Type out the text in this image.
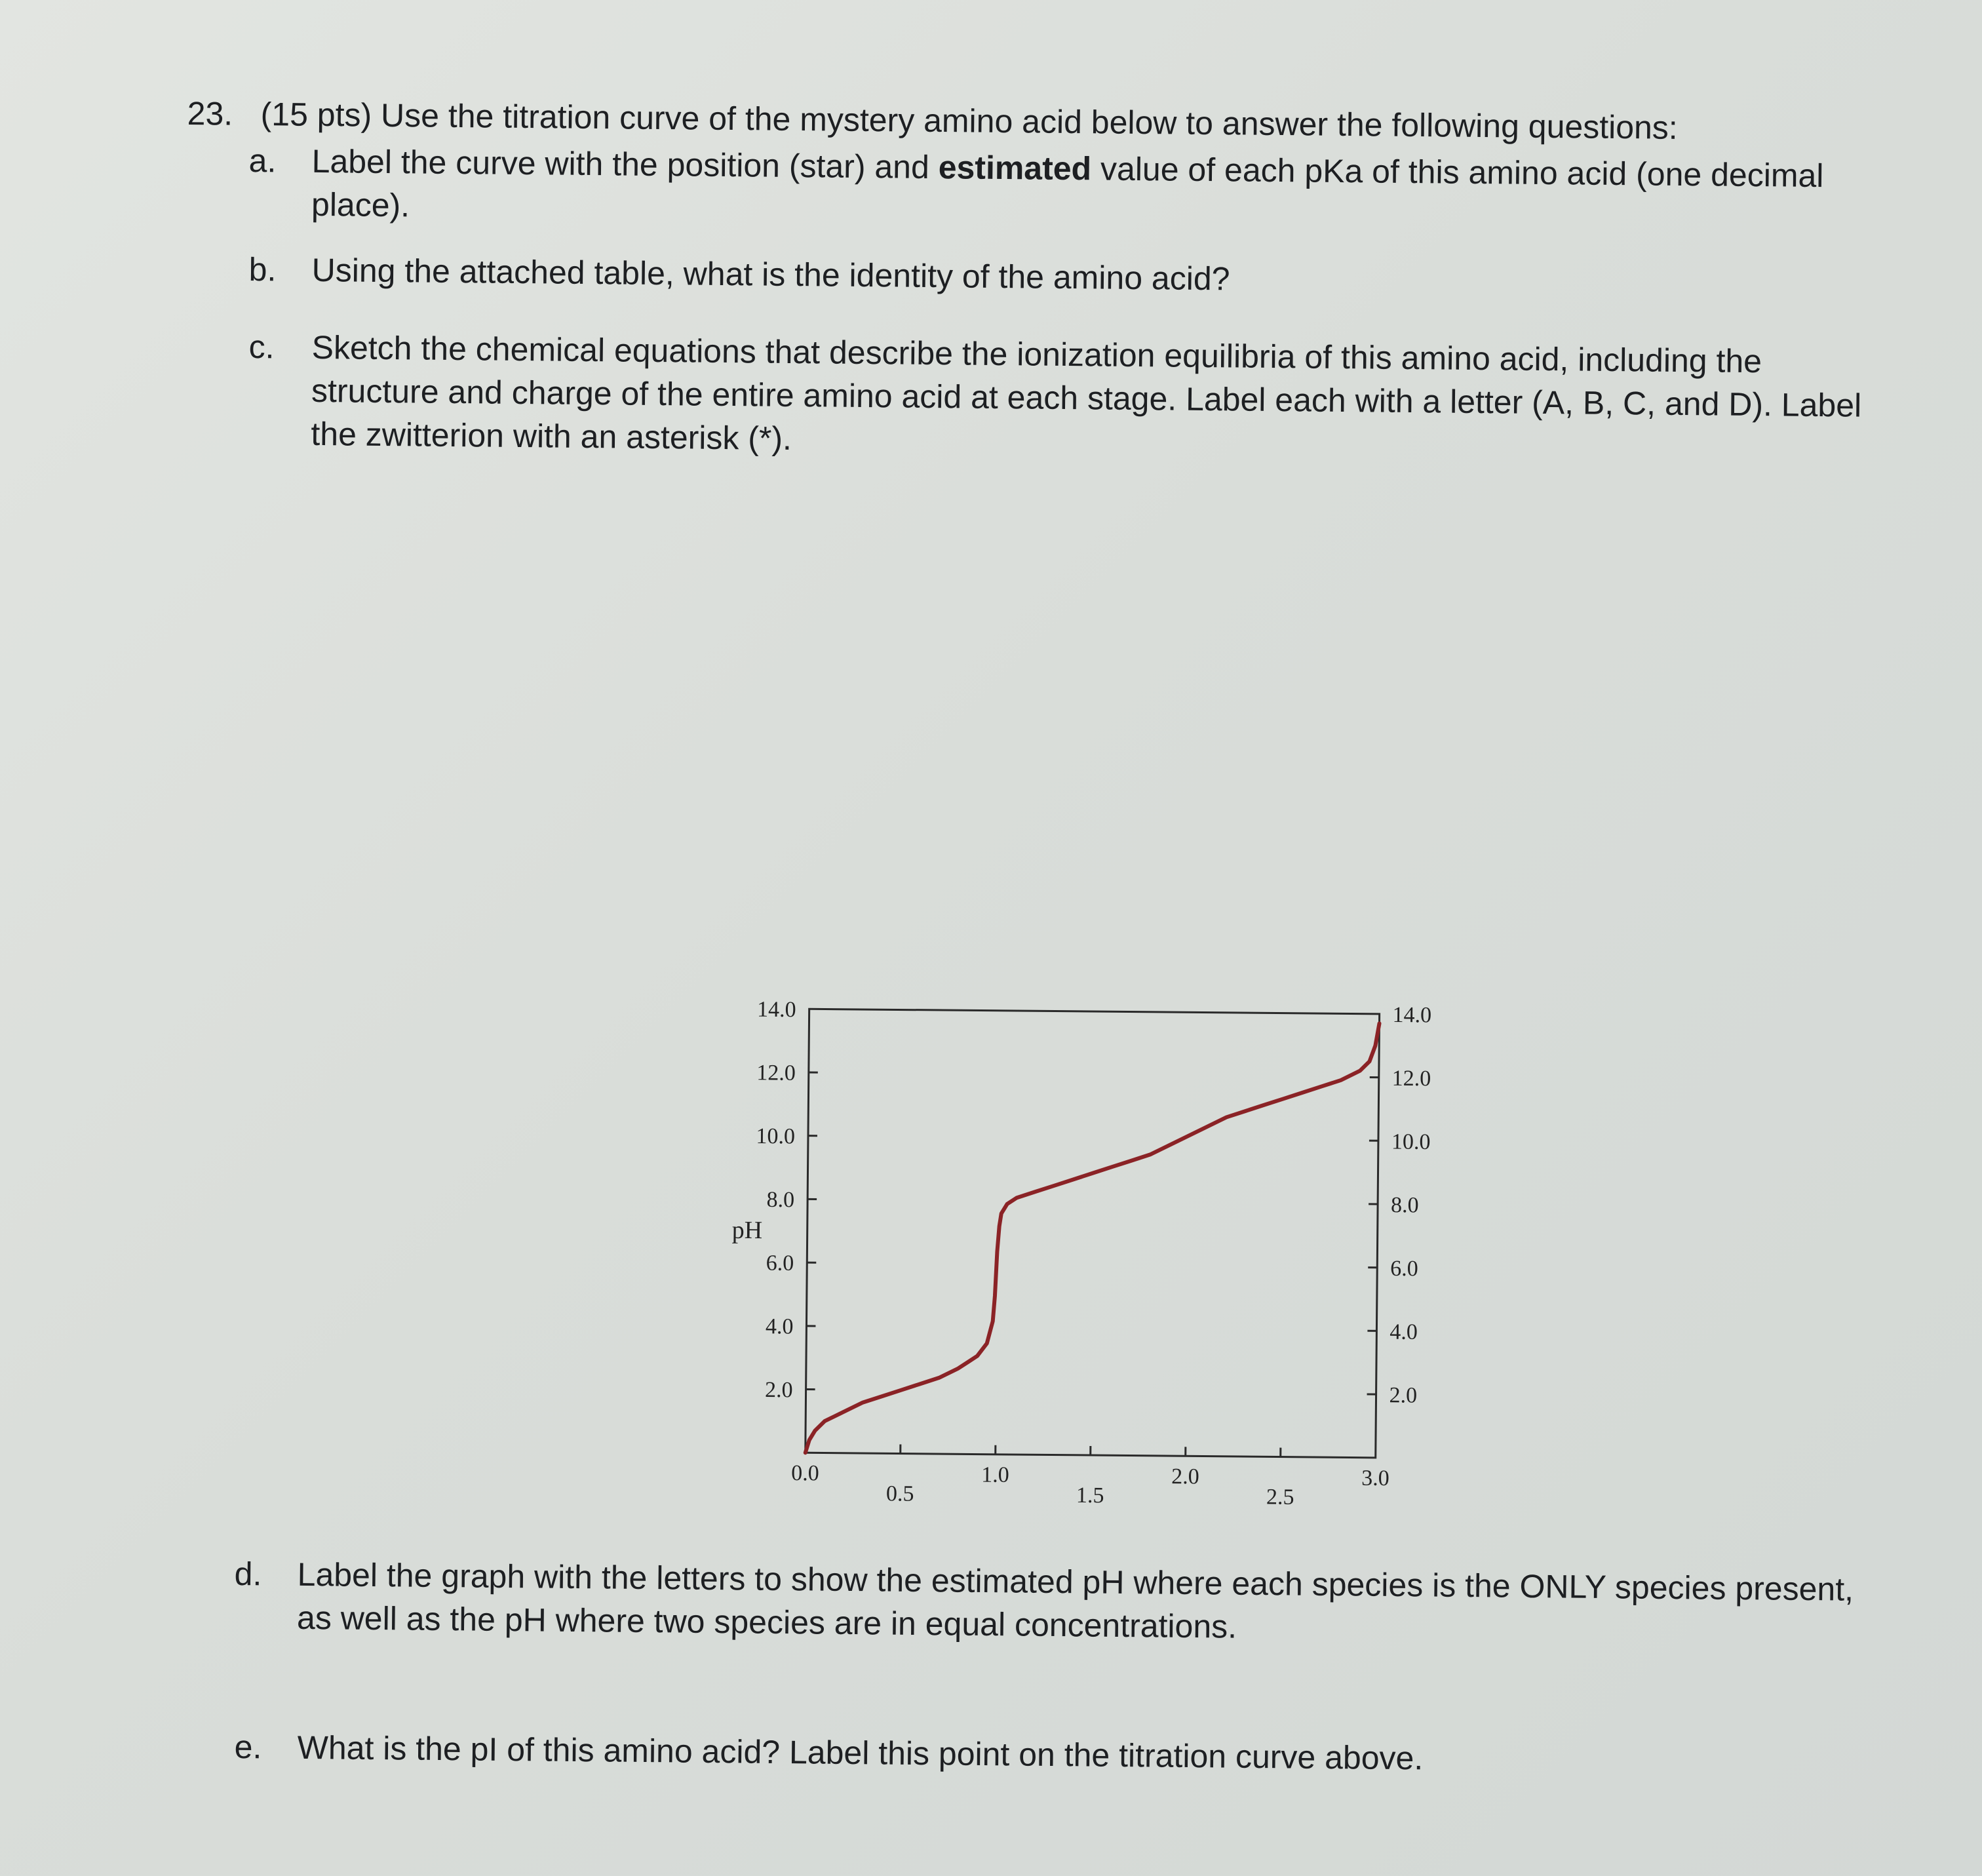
23. (15 pts) Use the titration curve of the mystery amino acid below to answer the following questions:
a. Label the curve with the position (star) and estimated value of each pKa of this amino acid (one decimal place).
b. Using the attached table, what is the identity of the amino acid?
c. Sketch the chemical equations that describe the ionization equilibria of this amino acid, including the structure and charge of the entire amino acid at each stage. Label each with a letter (A, B, C, and D). Label the zwitterion with an asterisk (*).
14.0
12.0
10.0
8.0
6.0
4.0
2.0
14.0
12.0
10.0
8.0
6.0
4.0
2.0
0.0
0.5
1.0
1.5
2.0
2.5
3.0
pH
d. Label the graph with the letters to show the estimated pH where each species is the ONLY species present, as well as the pH where two species are in equal concentrations.
e. What is the pI of this amino acid? Label this point on the titration curve above.
